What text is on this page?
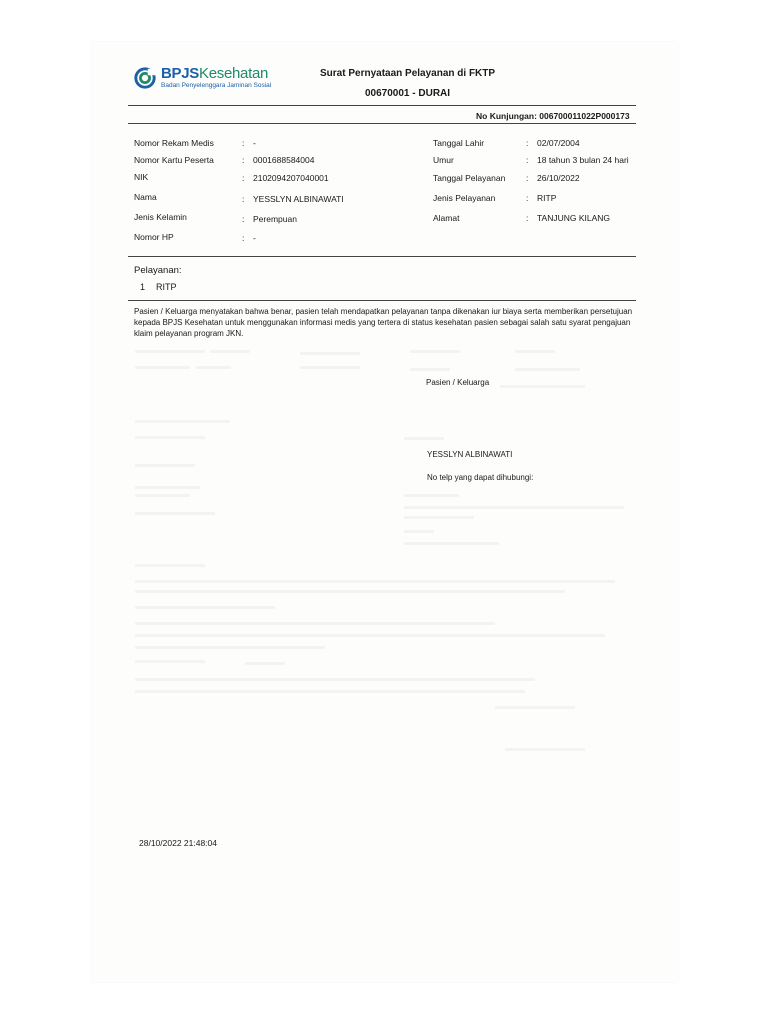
BPJSKesehatan
Badan Penyelenggara Jaminan Sosial
Surat Pernyataan Pelayanan di FKTP
00670001 - DURAI
No Kunjungan: 006700011022P000173
Nomor Rekam Medis	: -
Nomor Kartu Peserta	: 0001688584004
NIK	: 2102094207040001
Nama	: YESSLYN ALBINAWATI
Jenis Kelamin	: Perempuan
Nomor HP	: -
Tanggal Lahir	: 02/07/2004
Umur	: 18 tahun 3 bulan 24 hari
Tanggal Pelayanan : 26/10/2022
Jenis Pelayanan	: RITP
Alamat	: TANJUNG KILANG
Pelayanan:
1 RITP
Pasien / Keluarga menyatakan bahwa benar, pasien telah mendapatkan pelayanan tanpa dikenakan iur biaya serta memberikan persetujuan kepada BPJS Kesehatan untuk menggunakan informasi medis yang tertera di status kesehatan pasien sebagai salah satu syarat pengajuan klaim pelayanan program JKN.
Pasien / Keluarga
YESSLYN ALBINAWATI
No telp yang dapat dihubungi:
28/10/2022 21:48:04
